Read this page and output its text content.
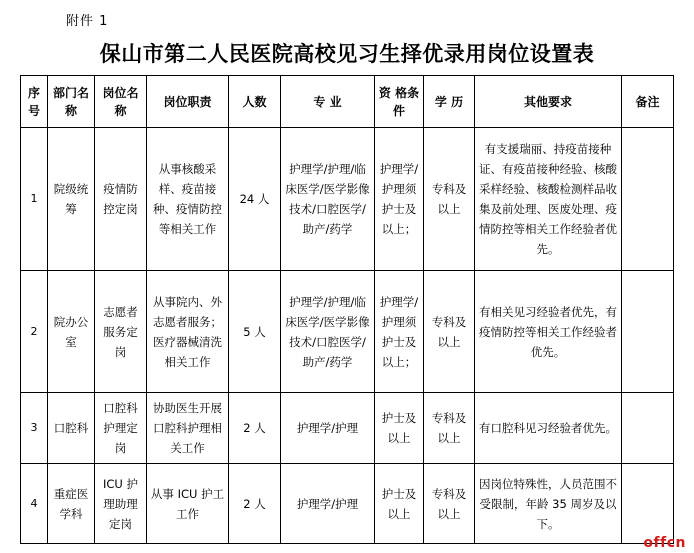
附件 1
保山市第二人民医院高校见习生择优录用岗位设置表
序号	部门名称	岗位名称	岗位职责	人数	专 业	资 格条件	学 历	其他要求	备注
1	院级统筹	疫情防控定岗	从事核酸采样、疫苗接种、疫情防控等相关工作	24 人	护理学/护理/临床医学/医学影像技术/口腔医学/助产/药学	护理学/护理须护士及以上；	专科及以上	有支援瑞丽、持疫苗接种证、有疫苗接种经验、核酸采样经验、核酸检测样品收集及前处理、医废处理、疫情防控等相关工作经验者优先。	
2	院办公室	志愿者服务定岗	从事院内、外志愿者服务；医疗器械清洗相关工作	5 人	护理学/护理/临床医学/医学影像技术/口腔医学/助产/药学	护理学/护理须护士及以上；	专科及以上	有相关见习经验者优先，有疫情防控等相关工作经验者优先。	
3	口腔科	口腔科护理定岗	协助医生开展口腔科护理相关工作	2 人	护理学/护理	护士及以上	专科及以上	有口腔科见习经验者优先。	
4	重症医学科	ICU 护理助理定岗	从事 ICU 护工工作	2 人	护理学/护理	护士及以上	专科及以上	因岗位特殊性，人员范围不受限制，年龄 35 周岁及以下。	
offcn
